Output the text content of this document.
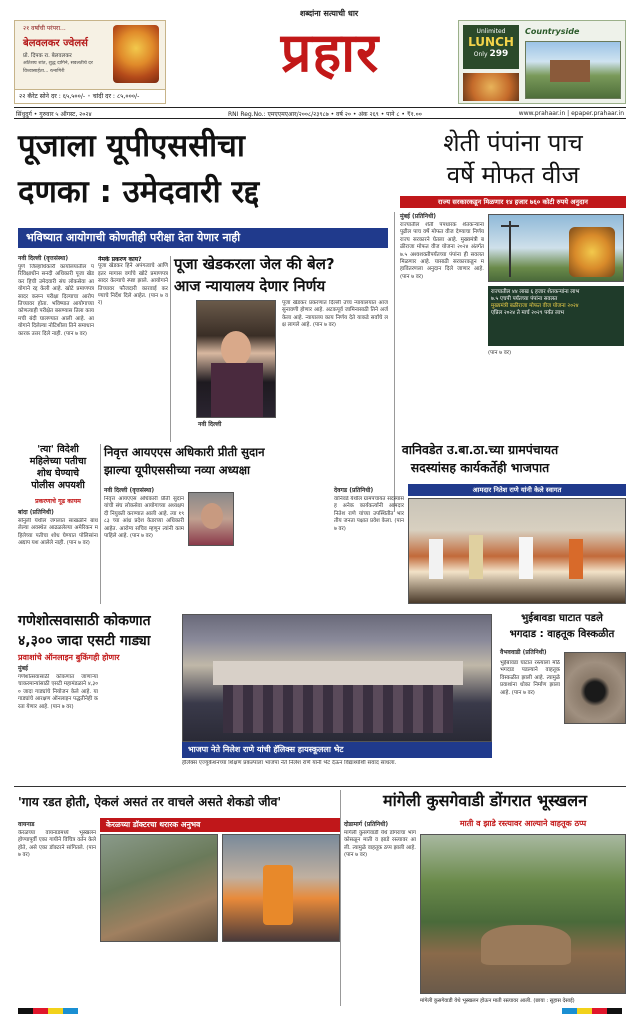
२१ वर्षांची परंपरा...
बेलवलकर ज्वेलर्स
प्रो. दिपक रा. बेलवलकर
अतिशय शांत, शुद्ध दागिने, सवलतीचे दर
विश्वासार्हता... रत्नागिरी
२२ कॅरेट सोने दर : ६५,५००/- • चांदी दर : ८५,०००/-
शब्दांना सत्याची धार
प्रहार	Unlimited
LUNCH
Only 299
Countryside
सिंधुदुर्ग • गुरुवार ५ ऑगस्ट, २०२४	RNI Reg.No.: एमएएमएआर/२००८/२३९८७ • वर्ष २० • अंक २६९ • पाने ८ • ₹१.००	www.prahaar.in | epaper.prahaar.in
पूजाला यूपीएससीचा
दणका : उमेदवारी रद्द
शेती पंपांना पाच
वर्षे मोफत वीज
राज्य सरकारकडून मिळणार १४ हजार ७६० कोटी रुपये अनुदान
भविष्यात आयोगाची कोणतीही परीक्षा देता येणार नाही
नवी दिल्ली (वृत्तसंस्था)
पुणे जिल्हाधिकारी कार्यालयातील परिविक्षाधीन सनदी अधिकारी पूजा खेडकर हिची उमेदवारी संघ लोकसेवा आयोगाने रद्द केली आहे. खोटे प्रमाणपत्र सादर करून परीक्षा दिल्याचा आरोप तिच्यावर होता. भविष्यात आयोगाच्या कोणत्याही परीक्षेत बसण्यास तिला कायमची बंदी घालण्यात आली आहे. आयोगाने दिलेल्या नोटिशीला तिने समाधानकारक उत्तर दिले नाही. (पान ७ वर)
नेमके प्रकरण काय?
पूजा खेडकर हिने अपंगत्वाचे आणि इतर मागास वर्गाचे खोटे प्रमाणपत्र सादर केल्याचे स्पष्ट झाले. आयोगाने तिच्यावर फौजदारी कारवाई करण्याचे निर्देश दिले आहेत. (पान ७ वर)
पूजा खेडकरला जेल की बेल?
आज न्यायालय देणार निर्णय
नवी दिल्ली
पूजा खेडकर प्रकरणात दिल्ली उच्च न्यायालयात आज सुनावणी होणार आहे. अटकपूर्व जामिनासाठी तिने अर्ज केला आहे. न्यायालय काय निर्णय देते याकडे सर्वांचे लक्ष लागले आहे. (पान ७ वर)
मुंबई (प्रतिनिधी)
राज्यातील शेती पंपधारक शेतकऱ्यांना पुढील पाच वर्षे मोफत वीज देण्याचा निर्णय राज्य सरकारने घेतला आहे. मुख्यमंत्री बळीराजा मोफत वीज योजना २०२४ अंतर्गत ७.५ अश्वशक्तीपर्यंतच्या पंपांना ही सवलत मिळणार आहे. यासाठी सरकारकडून महावितरणला अनुदान दिले जाणार आहे. (पान ७ वर)
राज्यातील ४४ लाख ६ हजार शेतकऱ्यांना लाभ
७.५ एचपी पर्यंतच्या पंपांना सवलत
मुख्यमंत्री बळीराजा मोफत वीज योजना २०२४
एप्रिल २०२४ ते मार्च २०२९ पर्यंत लाभ
(पान ७ वर)
'त्या' विदेशी
महिलेच्या पतीचा
शोध घेण्याचे
पोलीस अपयशी
प्रकरणाचे गूढ कायम
बांदा (प्रतिनिधी)
सोनुर्ली येथील जंगलात साखळीने बांधलेल्या अवस्थेत आढळलेल्या अमेरिकन महिलेच्या पतीचा शोध घेण्यात पोलिसांना अद्याप यश आलेले नाही. (पान ७ वर)
निवृत्त आयएएस अधिकारी प्रीती सुदान
झाल्या यूपीएससीच्या नव्या अध्यक्षा
नवी दिल्ली (वृत्तसंस्था)
निवृत्त आयएएस अधिकारी प्रीती सुदान यांची संघ लोकसेवा आयोगाच्या अध्यक्षपदी नियुक्ती करण्यात आली आहे. त्या १९८३ च्या आंध्र प्रदेश केडरच्या अधिकारी आहेत. आरोग्य सचिव म्हणून त्यांनी काम पाहिले आहे. (पान ७ वर)
वानिवडेत उ.बा.ठा.च्या ग्रामपंचायत
सदस्यांसह कार्यकर्तेही भाजपात
देवगड (प्रतिनिधी)
वानिवडे येथील ग्रामपंचायत सदस्यांसह अनेक कार्यकर्त्यांनी आमदार नितेश राणे यांच्या उपस्थितीत भारतीय जनता पक्षात प्रवेश केला. (पान ७ वर)
आमदार नितेश राणे यांनी केले स्वागत
गणेशोत्सवासाठी कोकणात
४,३०० जादा एसटी गाड्या
प्रवाशांचे ऑनलाइन बुकिंगही होणार
मुंबई
गणेशोत्सवासाठी कोकणात जाणाऱ्या चाकरमान्यांसाठी एसटी महामंडळाने ४,३०० जादा गाड्यांचे नियोजन केले आहे. या गाड्यांचे आरक्षण ऑनलाइन पद्धतीनेही करता येणार आहे. (पान ७ वर)
भाजपा नेते निलेश राणे यांची हॅलिक्स हायस्कूलला भेट
हॅलिक्स एज्युकेशनच्या शिक्षण प्रकल्पाला भाजपा नेते निलेश राणे यांनी भेट देऊन विद्यार्थ्यांशी संवाद साधला.
भुईबावडा घाटात पडले
भगदाड : वाहतूक विस्कळीत
वैभववाडी (प्रतिनिधी)
भुईबावडा घाटात रस्त्याला मोठे भगदाड पडल्याने वाहतूक विस्कळीत झाली आहे. त्यामुळे प्रवाशांना धोका निर्माण झाला आहे. (पान ७ वर)
'गाय रडत होती, ऐकलं असतं तर वाचले असते शेकडो जीव'
वायनाड
केरळच्या वायनाडमध्ये भूस्खलन होण्यापूर्वी एका गायीने विचित्र वर्तन केले होते, असे एका डॉक्टरने सांगितले. (पान ७ वर)
केरळच्या डॉक्टरचा थरारक अनुभव
मांगेली कुसगेवाडी डोंगरात भूस्खलन
दोडामार्ग (प्रतिनिधी)
मांगेली कुसगेवाडी येथे डोंगराचा भाग कोसळून माती व झाडे रस्त्यावर आली. त्यामुळे वाहतूक ठप्प झाली आहे. (पान ७ वर)
माती व झाडे रस्त्यावर आल्याने वाहतूक ठप्प
मांगेली कुसगेवाडी येथे भूस्खलन होऊन माती रस्त्यावर आली. (छाया : सुहास देसाई)
